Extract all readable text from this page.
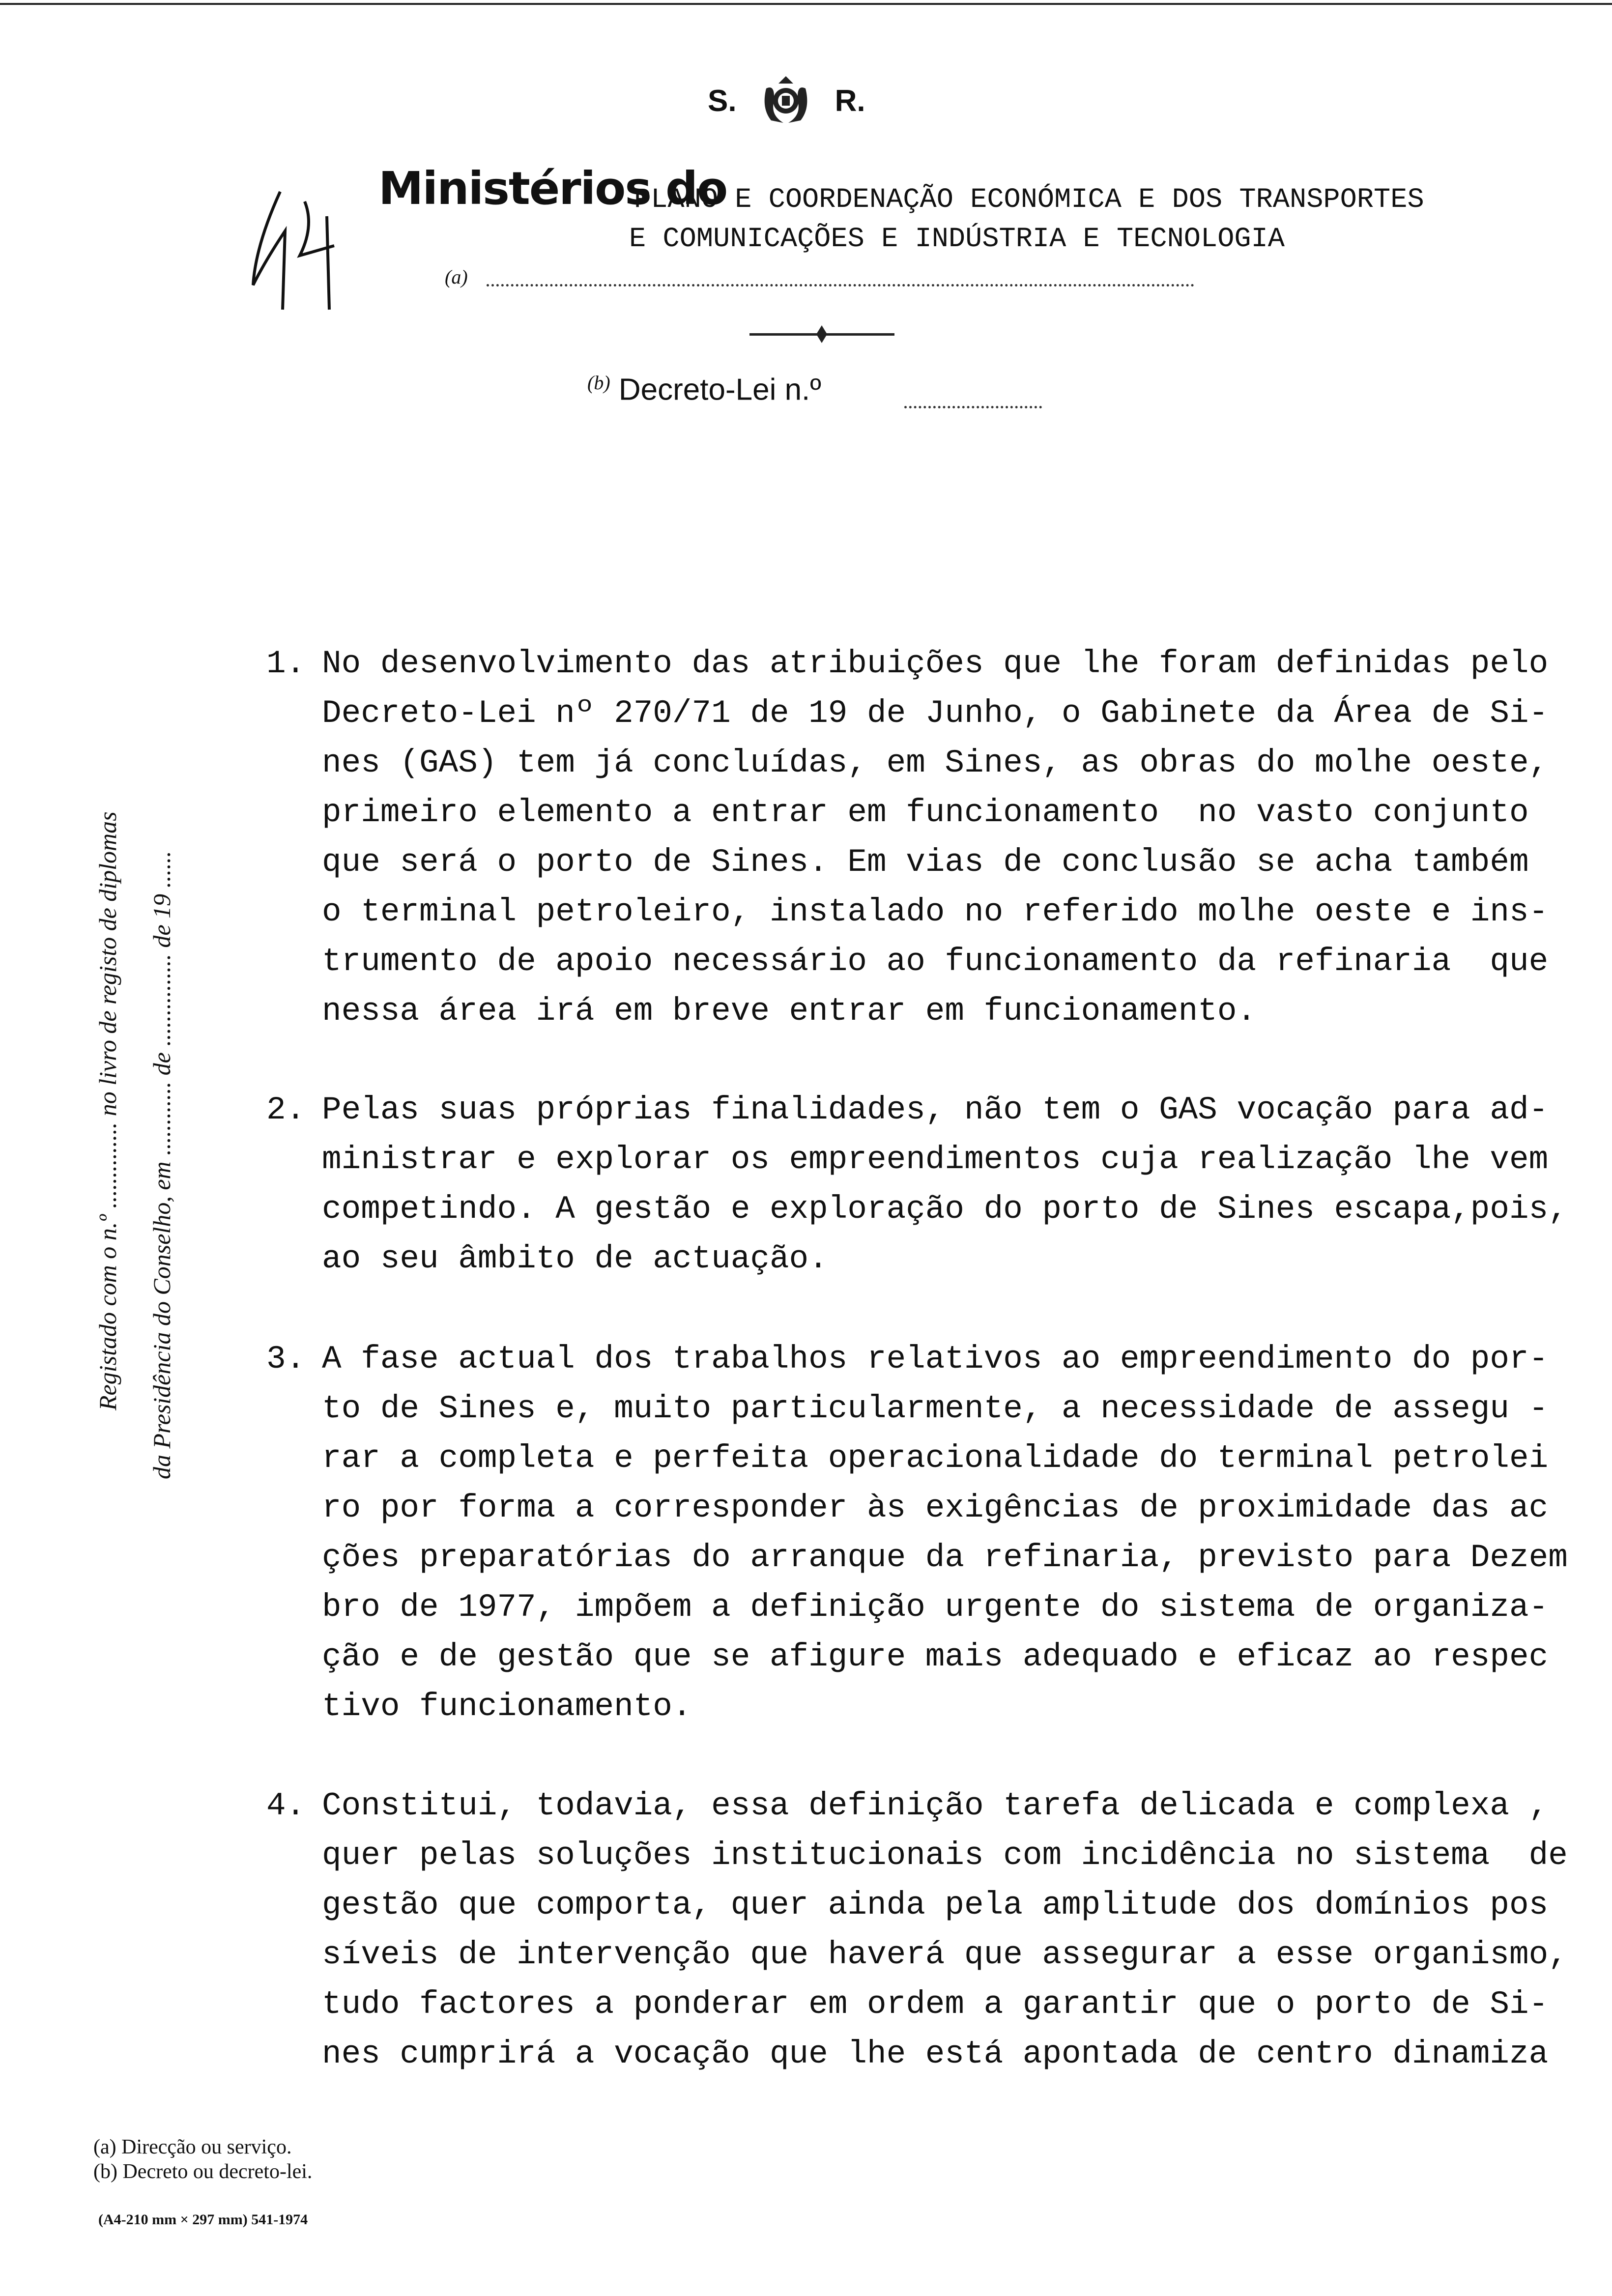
S.	R.
Ministérios do
PLANO E COORDENAÇÃO ECONÓMICA E DOS TRANSPORTES
E COMUNICAÇÕES E INDÚSTRIA E TECNOLOGIA
(a)
$^{(b)}$ Decreto-Lei n.º
Registado com o n.º .............. no livro de registo de diplomas da Presidência do Conselho, em ............ de ............... de 19 ......
1. No desenvolvimento das atribuições que lhe foram definidas pelo
Decreto-Lei nº 270/71 de 19 de Junho, o Gabinete da Área de Si-
nes (GAS) tem já concluídas, em Sines, as obras do molhe oeste,
primeiro elemento a entrar em funcionamento  no vasto conjunto
que será o porto de Sines. Em vias de conclusão se acha também
o terminal petroleiro, instalado no referido molhe oeste e ins-
trumento de apoio necessário ao funcionamento da refinaria  que
nessa área irá em breve entrar em funcionamento.
2. Pelas suas próprias finalidades, não tem o GAS vocação para ad-
ministrar e explorar os empreendimentos cuja realização lhe vem
competindo. A gestão e exploração do porto de Sines escapa,pois,
ao seu âmbito de actuação.
3. A fase actual dos trabalhos relativos ao empreendimento do por-
to de Sines e, muito particularmente, a necessidade de assegu -
rar a completa e perfeita operacionalidade do terminal petrolei
ro por forma a corresponder às exigências de proximidade das ac
ções preparatórias do arranque da refinaria, previsto para Dezem
bro de 1977, impõem a definição urgente do sistema de organiza-
ção e de gestão que se afigure mais adequado e eficaz ao respec
tivo funcionamento.
4. Constitui, todavia, essa definição tarefa delicada e complexa ,
quer pelas soluções institucionais com incidência no sistema  de
gestão que comporta, quer ainda pela amplitude dos domínios pos
síveis de intervenção que haverá que assegurar a esse organismo,
tudo factores a ponderar em ordem a garantir que o porto de Si-
nes cumprirá a vocação que lhe está apontada de centro dinamiza
(a) Direcção ou serviço.
(b) Decreto ou decreto-lei.
(A4-210 mm × 297 mm) 541-1974
